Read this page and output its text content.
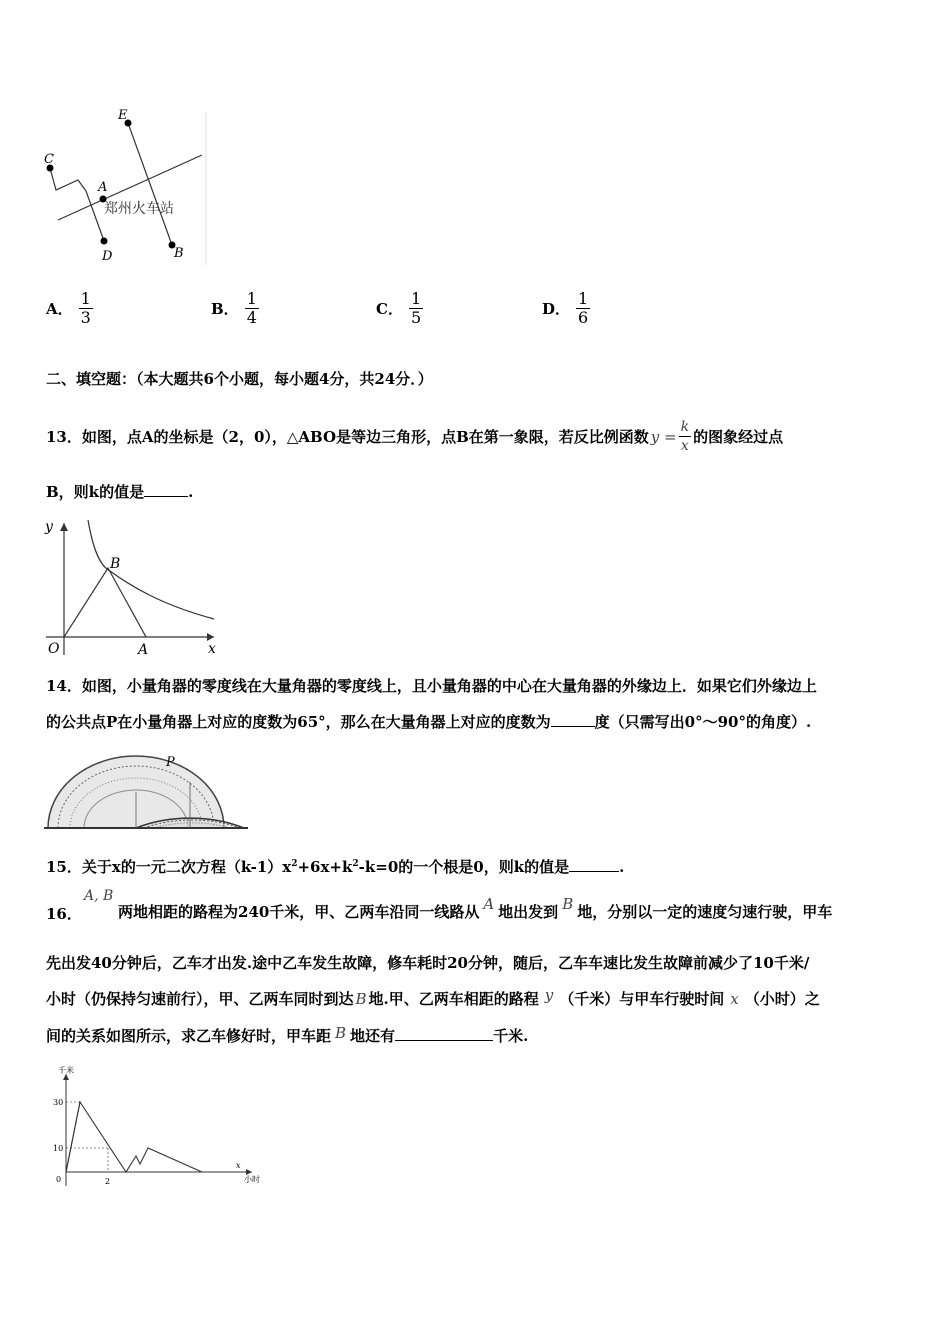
C
E
A
D	B
郑州火车站
A． $\frac{1}{3}$	B． $\frac{1}{4}$	C． $\frac{1}{5}$	D． $\frac{1}{6}$
二、填空题：（本大题共6个小题，每小题4分，共24分．）
13．如图，点A的坐标是（2，0），△ABO是等边三角形，点B在第一象限，若反比例函数 $y = \frac{k}{x}$ 的图象经过点
B，则k的值是	.
y
x
O	A
B
14．如图，小量角器的零度线在大量角器的零度线上，且小量角器的中心在大量角器的外缘边上．如果它们外缘边上
的公共点P在小量角器上对应的度数为65°，那么在大量角器上对应的度数为	度（只需写出0°～90°的角度）.
P
15．关于x的一元二次方程$(k-1)x^2+6x+k^2-k=0$的一个根是0，则k的值是	.
16．
A, B
两地相距的路程为240千米，甲、乙两车沿同一线路从 A 地出发到 B 地，分别以一定的速度匀速行驶，甲车
先出发40分钟后，乙车才出发.途中乙车发生故障，修车耗时20分钟，随后，乙车车速比发生故障前减少了10千米/
小时（仍保持匀速前行），甲、乙两车同时到达 B 地.甲、乙两车相距的路程 y （千米）与甲车行驶时间 x （小时）之
间的关系如图所示，求乙车修好时，甲车距 B 地还有	千米.
千米
小时
x
30
10
0	2
